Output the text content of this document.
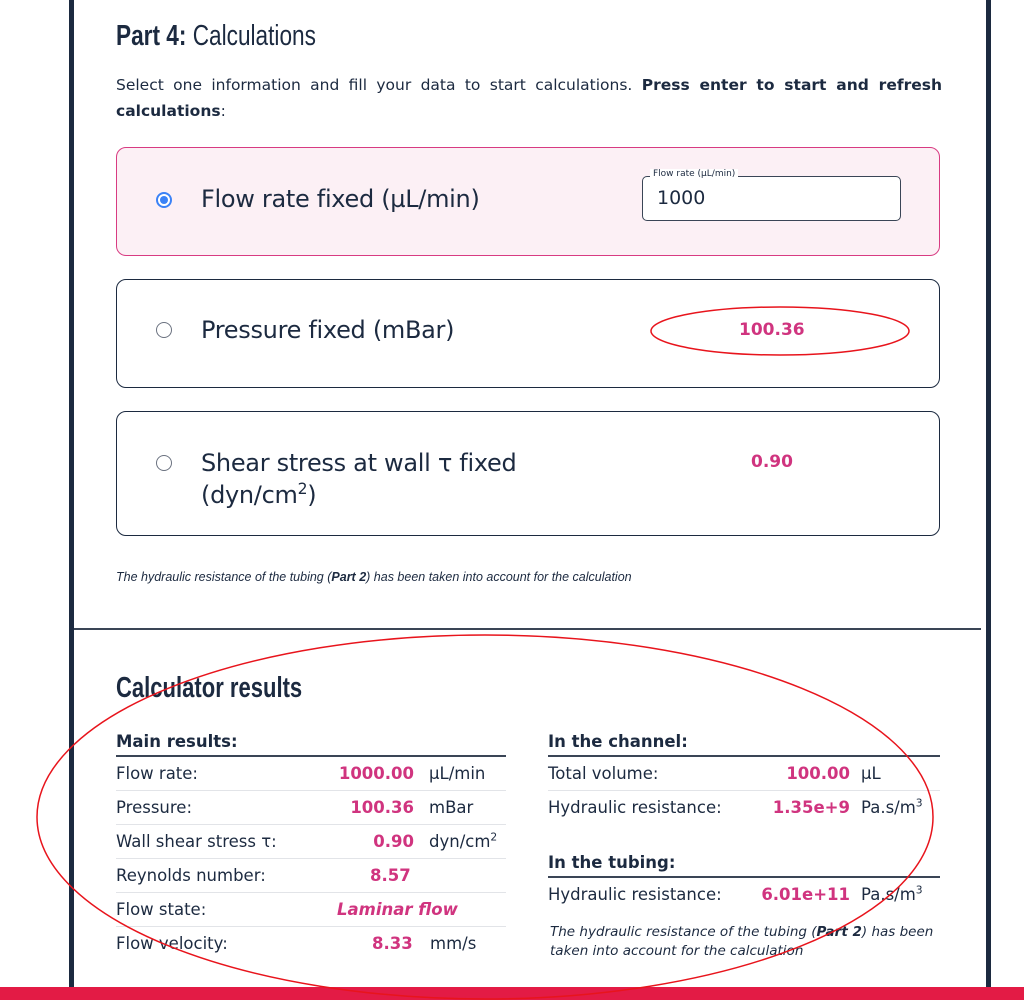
Part 4: Calculations
Select one information and fill your data to start calculations. Press enter to start and refresh calculations:
Flow rate fixed (µL/min)
Flow rate (µL/min)
1000
Pressure fixed (mBar)	100.36
Shear stress at wall τ fixed
$(dyn/cm^2)$
0.90
The hydraulic resistance of the tubing (Part 2) has been taken into account for the calculation
Calculator results
Main results:
Flow rate:	1000.00 µL/min
Pressure:	100.36 mBar
Wall shear stress τ:	0.90 dyn/$cm^2$
Reynolds number:	8.57
Flow state:	Laminar flow
Flow velocity:	8.33 mm/s
In the channel:
Total volume:	100.00 µL
Hydraulic resistance:	1.35e+9 $Pa.s/m^3$
In the tubing:
Hydraulic resistance: 6.01e+11 $Pa.s/m^3$
The hydraulic resistance of the tubing (Part 2) has been taken into account for the calculation
